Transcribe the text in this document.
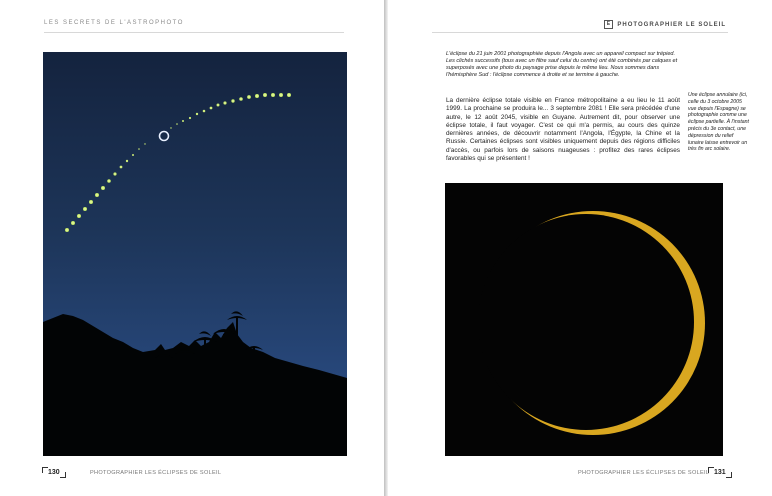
LES SECRETS DE L'ASTROPHOTO
130	PHOTOGRAPHIER LES ÉCLIPSES DE SOLEIL
E PHOTOGRAPHIER LE SOLEIL
L'éclipse du 21 juin 2001 photographiée depuis l'Angola avec un appareil compact sur trépied. Les clichés successifs (tous avec un filtre sauf celui du centre) ont été combinés par calques et superposés avec une photo du paysage prise depuis le même lieu. Nous sommes dans l'hémisphère Sud : l'éclipse commence à droite et se termine à gauche.
La dernière éclipse totale visible en France métropolitaine a eu lieu le 11 août 1999. La prochaine se produira le... 3 septembre 2081 ! Elle sera précédée d'une autre, le 12 août 2045, visible en Guyane. Autrement dit, pour observer une éclipse totale, il faut voyager. C'est ce qui m'a permis, au cours des quinze dernières années, de découvrir notamment l'Angola, l'Égypte, la Chine et la Russie. Certaines éclipses sont visibles uniquement depuis des régions difficiles d'accès, ou parfois lors de saisons nuageuses : profitez des rares éclipses favorables qui se présentent !
Une éclipse annulaire (ici, celle du 3 octobre 2005 vue depuis l'Espagne) se photographie comme une éclipse partielle. À l'instant précis du 3e contact, une dépression du relief lunaire laisse entrevoir un très fin arc solaire.
PHOTOGRAPHIER LES ÉCLIPSES DE SOLEIL 131
